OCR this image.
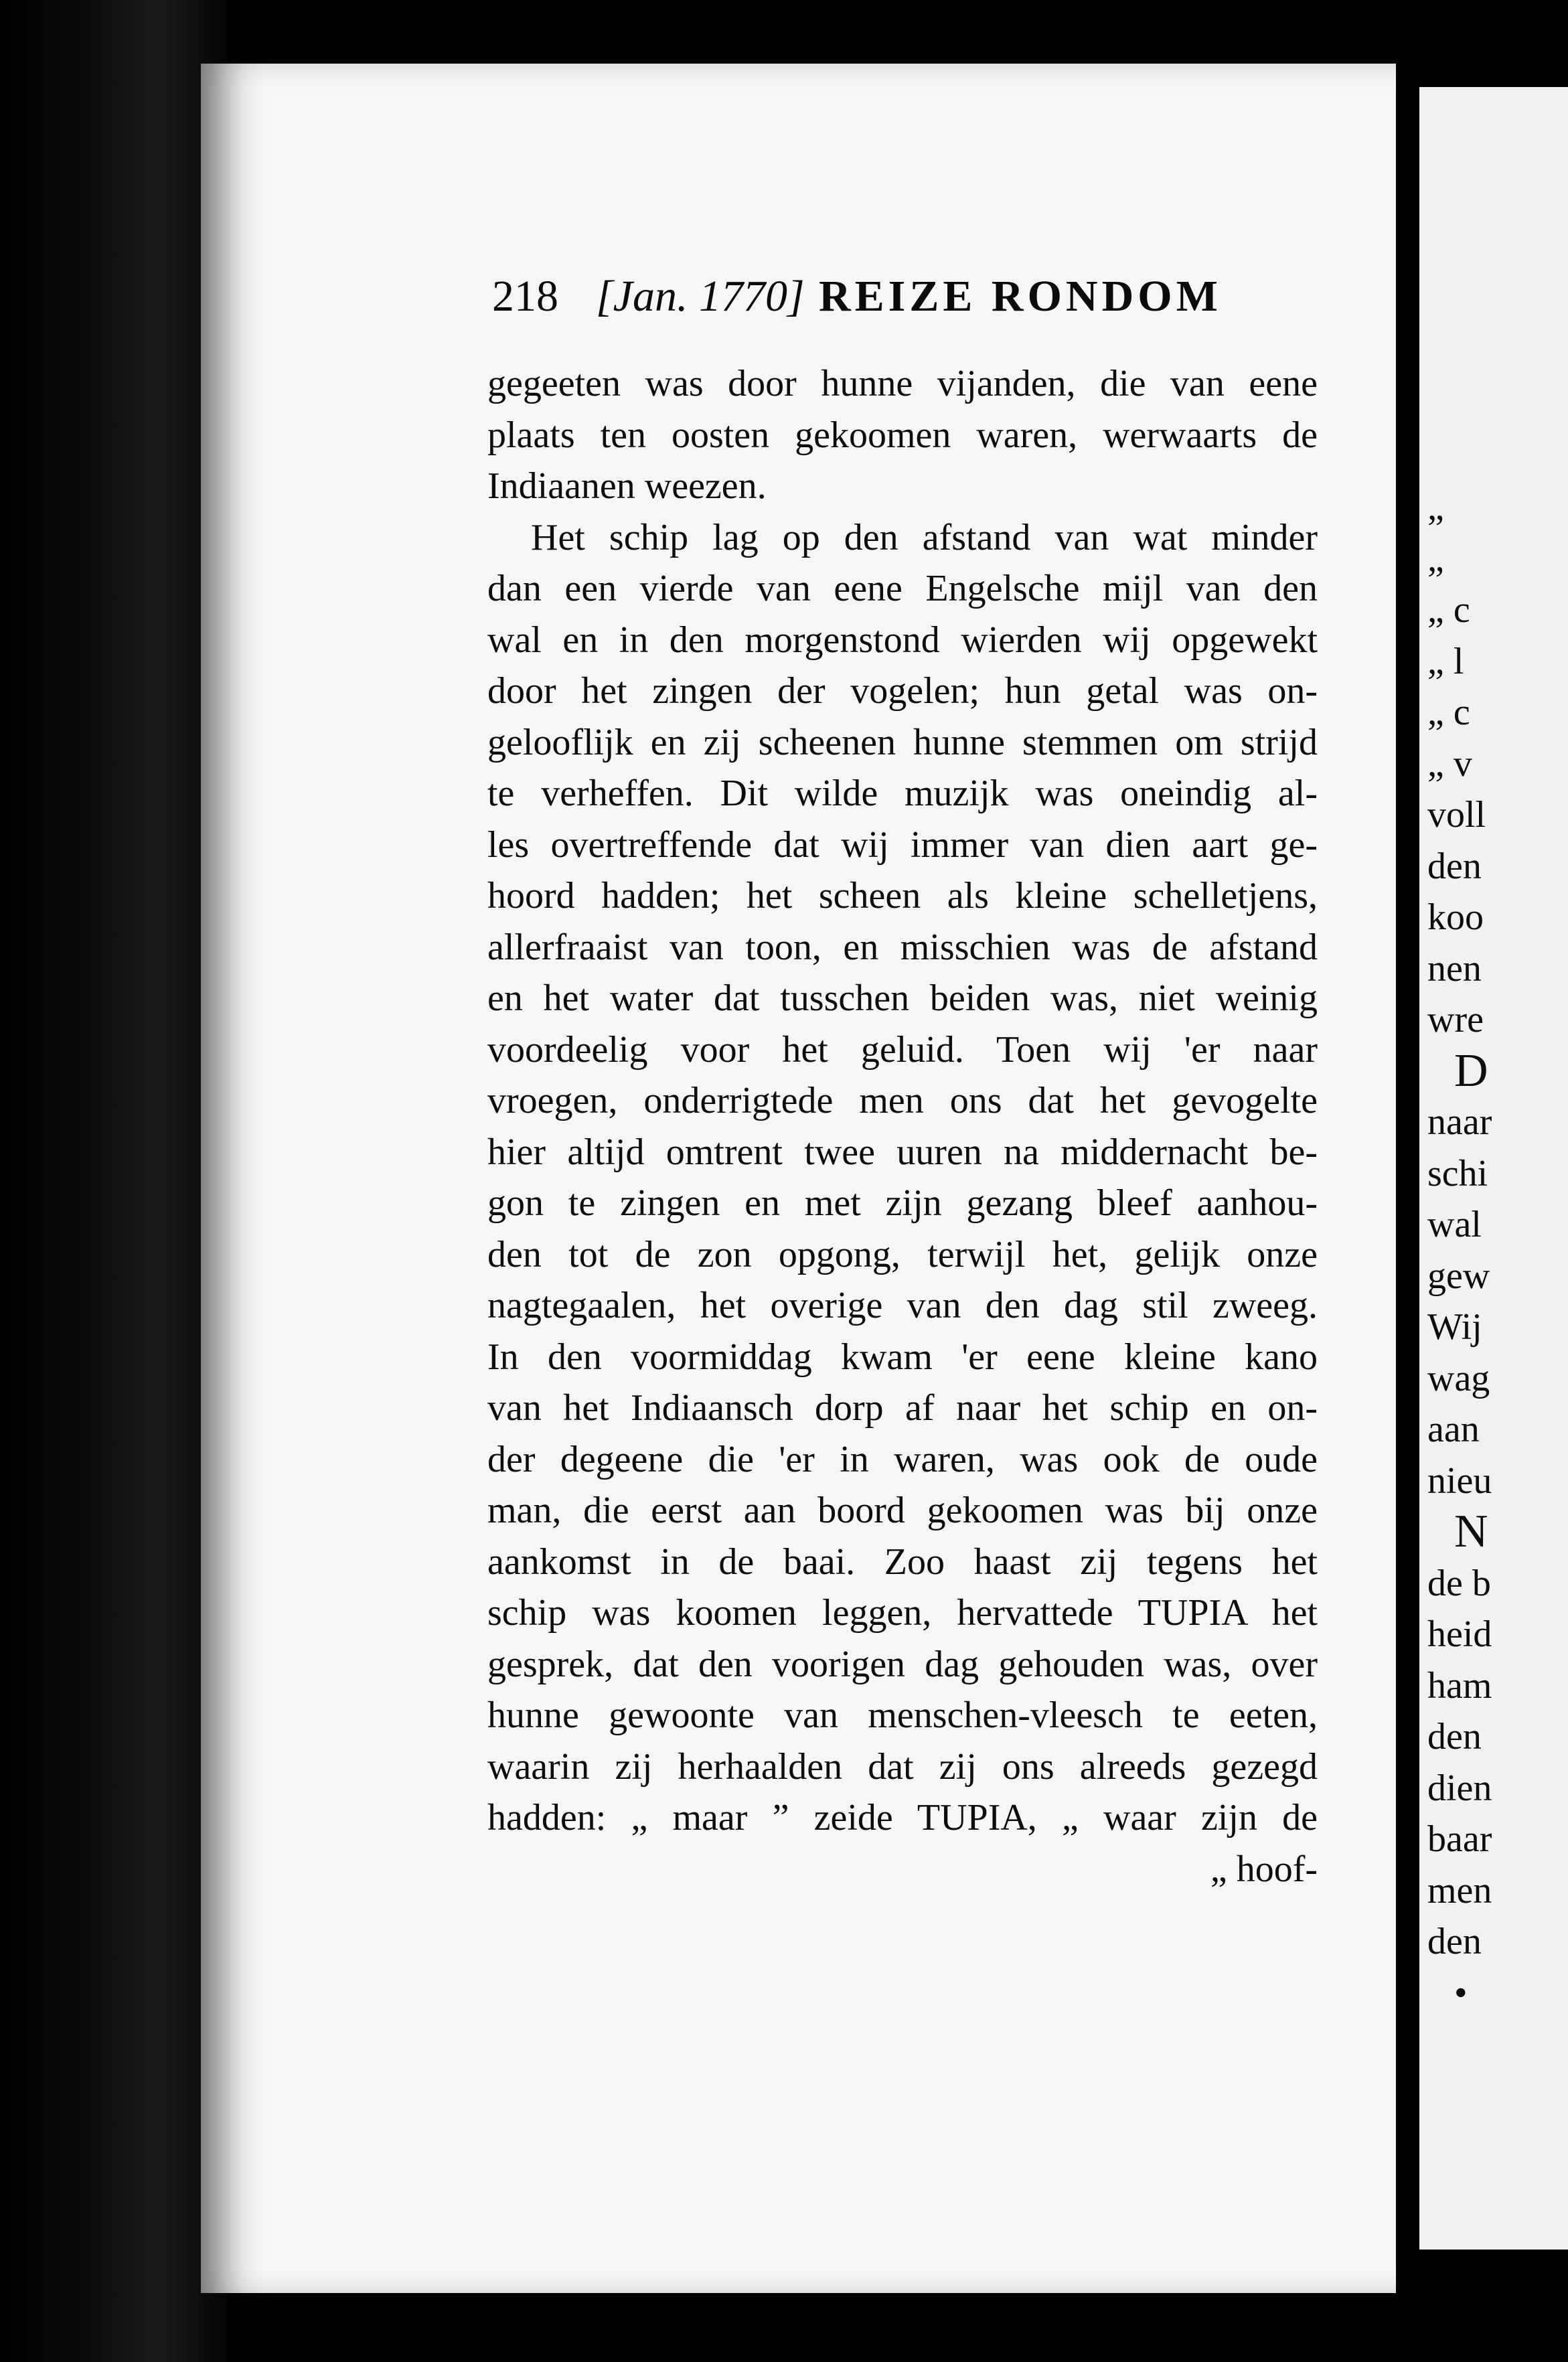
218 [Jan. 1770] REIZE RONDOM
gegeeten was door hunne vijanden, die van eene
plaats ten oosten gekoomen waren, werwaarts de
Indiaanen weezen.
Het schip lag op den afstand van wat minder
dan een vierde van eene Engelsche mijl van den
wal en in den morgenstond wierden wij opgewekt
door het zingen der vogelen; hun getal was on-
gelooflijk en zij scheenen hunne stemmen om strijd
te verheffen. Dit wilde muzijk was oneindig al-
les overtreffende dat wij immer van dien aart ge-
hoord hadden; het scheen als kleine schelletjens,
allerfraaist van toon, en misschien was de afstand
en het water dat tusschen beiden was, niet weinig
voordeelig voor het geluid. Toen wij 'er naar
vroegen, onderrigtede men ons dat het gevogelte
hier altijd omtrent twee uuren na middernacht be-
gon te zingen en met zijn gezang bleef aanhou-
den tot de zon opgong, terwijl het, gelijk onze
nagtegaalen, het overige van den dag stil zweeg.
In den voormiddag kwam 'er eene kleine kano
van het Indiaansch dorp af naar het schip en on-
der degeene die 'er in waren, was ook de oude
man, die eerst aan boord gekoomen was bij onze
aankomst in de baai. Zoo haast zij tegens het
schip was koomen leggen, hervattede TUPIA het
gesprek, dat den voorigen dag gehouden was, over
hunne gewoonte van menschen-vleesch te eeten,
waarin zij herhaalden dat zij ons alreeds gezegd
hadden: „ maar ” zeide TUPIA, „ waar zijn de
„ hoof-
„
„
„ c
„ l
„ c
„ v
voll
den
koo
nen
wre
D
naar
schi
wal
gew
Wij
wag
aan
nieu
N
de b
heid
ham
den
dien
baar
men
den
•
